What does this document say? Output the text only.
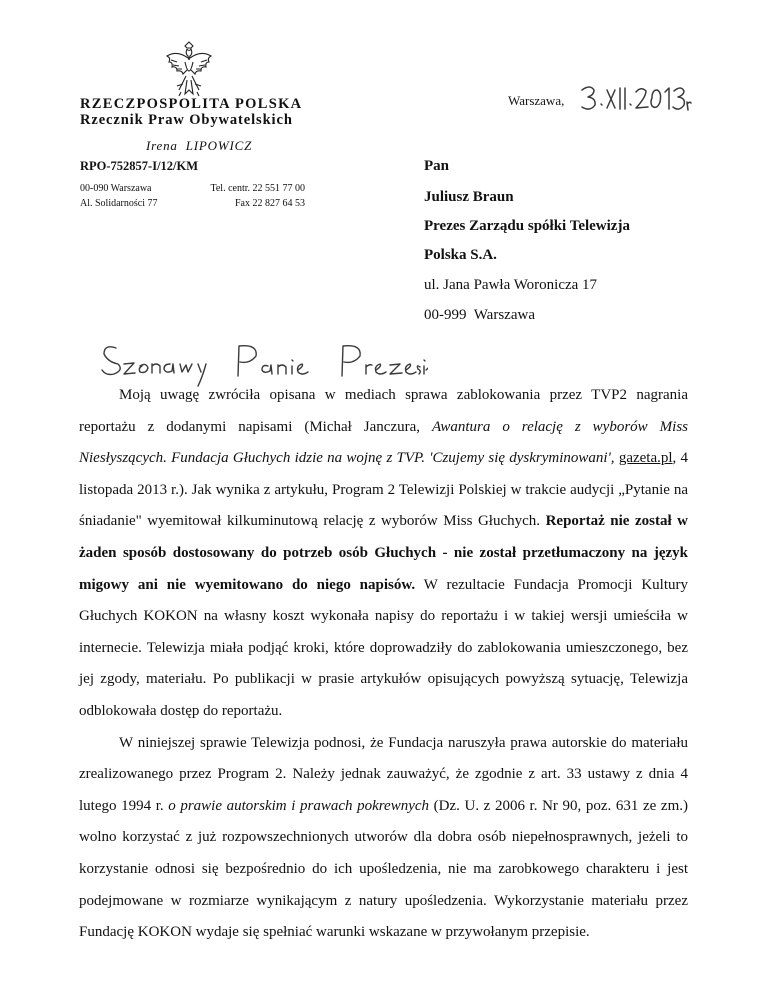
RZECZPOSPOLITA POLSKA
Rzecznik Praw Obywatelskich
Irena  LIPOWICZ
RPO-752857-I/12/KM
00-090 Warszawa
Al. Solidarności 77
Tel. centr. 22 551 77 00
Fax 22 827 64 53
Warszawa,
Pan
Juliusz Braun
Prezes Zarządu spółki Telewizja
Polska S.A.
ul. Jana Pawła Woronicza 17
00-999  Warszawa

Moją uwagę zwróciła opisana w mediach sprawa zablokowania przez TVP2 nagrania reportażu z dodanymi napisami (Michał Janczura, Awantura o relację z wyborów Miss Niesłyszących. Fundacja Głuchych idzie na wojnę z TVP. 'Czujemy się dyskryminowani', gazeta.pl, 4 listopada 2013 r.). Jak wynika z artykułu, Program 2 Telewizji Polskiej w trakcie audycji „Pytanie na śniadanie" wyemitował kilkuminutową relację z wyborów Miss Głuchych. Reportaż nie został w żaden sposób dostosowany do potrzeb osób Głuchych - nie został przetłumaczony na język migowy ani nie wyemitowano do niego napisów. W rezultacie Fundacja Promocji Kultury Głuchych KOKON na własny koszt wykonała napisy do reportażu i w takiej wersji umieściła w internecie. Telewizja miała podjąć kroki, które doprowadziły do zablokowania umieszczonego, bez jej zgody, materiału. Po publikacji w prasie artykułów opisujących powyższą sytuację, Telewizja odblokowała dostęp do reportażu.

W niniejszej sprawie Telewizja podnosi, że Fundacja naruszyła prawa autorskie do materiału zrealizowanego przez Program 2. Należy jednak zauważyć, że zgodnie z art. 33 ustawy z dnia 4 lutego 1994 r. o prawie autorskim i prawach pokrewnych (Dz. U. z 2006 r. Nr 90, poz. 631 ze zm.) wolno korzystać z już rozpowszechnionych utworów dla dobra osób niepełnosprawnych, jeżeli to korzystanie odnosi się bezpośrednio do ich upośledzenia, nie ma zarobkowego charakteru i jest podejmowane w rozmiarze wynikającym z natury upośledzenia. Wykorzystanie materiału przez Fundację KOKON wydaje się spełniać warunki wskazane w przywołanym przepisie.
